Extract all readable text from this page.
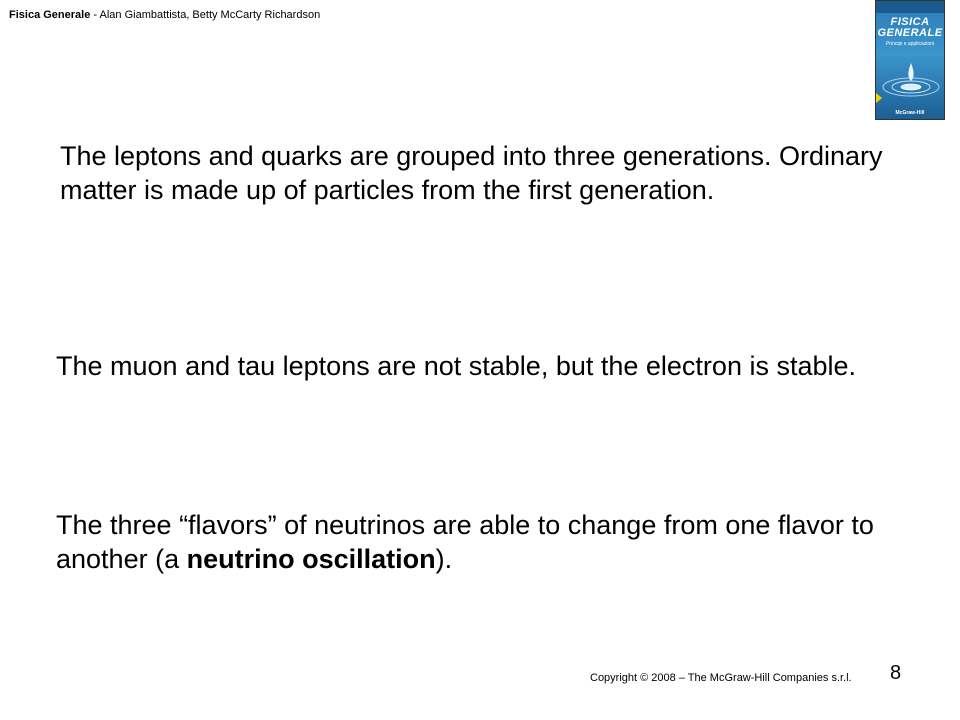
Fisica Generale - Alan Giambattista, Betty McCarty Richardson
FISICA
GENERALE
Principi e applicazioni
McGraw-Hill

The leptons and quarks are grouped into three generations. Ordinary matter is made up of particles from the first generation.

The muon and tau leptons are not stable, but the electron is stable.

The three “flavors” of neutrinos are able to change from one flavor to another (a neutrino oscillation).

Copyright © 2008 – The McGraw-Hill Companies s.r.l. 8
